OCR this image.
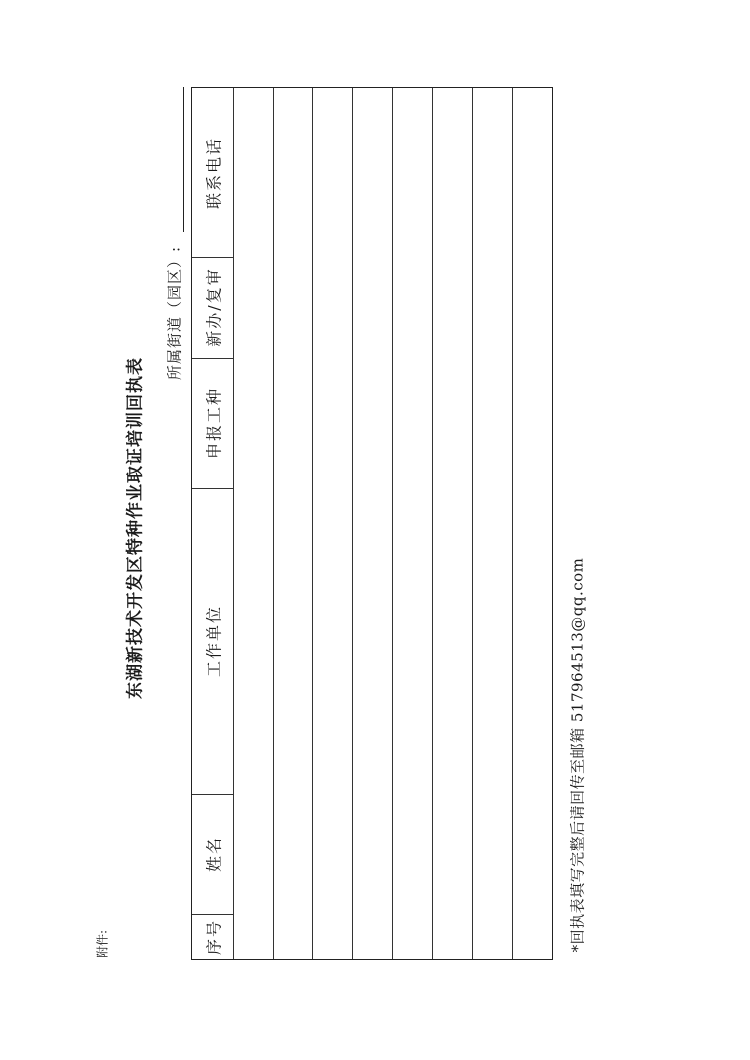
附件:
东湖新技术开发区特种作业取证培训回执表
所属街道（园区）:
联系电话
新办/复审
申报工种
工作单位
姓名
序号	*回执表填写完整后请回传至邮箱 517964513@qq.com
